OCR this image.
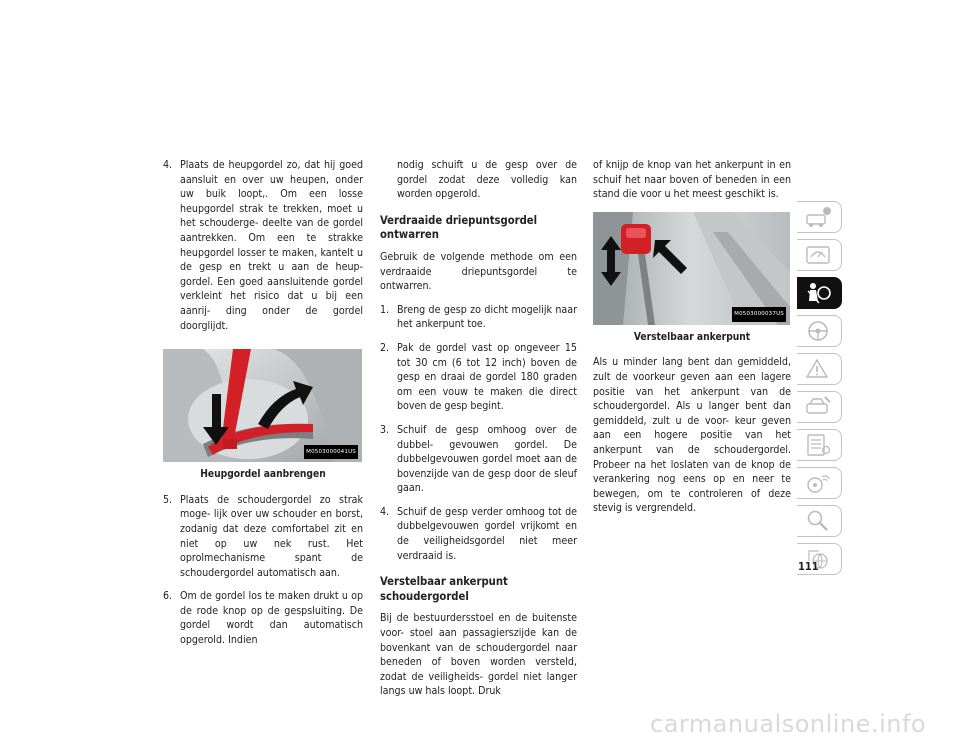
4. Plaats de heupgordel zo, dat hij goed aansluit en over uw heupen, onder uw buik loopt,. Om een losse heupgordel strak te trekken, moet u het schouderge- deelte van de gordel aantrekken. Om een te strakke heupgordel losser te maken, kantelt u de gesp en trekt u aan de heup- gordel. Een goed aansluitende gordel verkleint het risico dat u bij een aanrij- ding onder de gordel doorglijdt.
M0503000041US
Heupgordel aanbrengen
5. Plaats de schoudergordel zo strak moge- lijk over uw schouder en borst, zodanig dat deze comfortabel zit en niet op uw nek rust. Het oprolmechanisme spant de schoudergordel automatisch aan.
6. Om de gordel los te maken drukt u op de rode knop op de gespsluiting. De gordel wordt dan automatisch opgerold. Indien
nodig schuift u de gesp over de gordel zodat deze volledig kan worden opgerold.
Verdraaide driepuntsgordel ontwarren

Gebruik de volgende methode om een verdraaide driepuntsgordel te ontwarren.

1. Breng de gesp zo dicht mogelijk naar het ankerpunt toe.
2. Pak de gordel vast op ongeveer 15 tot 30 cm (6 tot 12 inch) boven de gesp en draai de gordel 180 graden om een vouw te maken die direct boven de gesp begint.
3. Schuif de gesp omhoog over de dubbel- gevouwen gordel. De dubbelgevouwen gordel moet aan de bovenzijde van de gesp door de sleuf gaan.
4. Schuif de gesp verder omhoog tot de dubbelgevouwen gordel vrijkomt en de veiligheidsgordel niet meer verdraaid is.
Verstelbaar ankerpunt schoudergordel

Bij de bestuurdersstoel en de buitenste voor- stoel aan passagierszijde kan de bovenkant van de schoudergordel naar beneden of boven worden versteld, zodat de veiligheids- gordel niet langer langs uw hals loopt. Druk

of knijp de knop van het ankerpunt in en schuif het naar boven of beneden in een stand die voor u het meest geschikt is.

M0503000037US
Verstelbaar ankerpunt

Als u minder lang bent dan gemiddeld, zult de voorkeur geven aan een lagere positie van het ankerpunt van de schoudergordel. Als u langer bent dan gemiddeld, zult u de voor- keur geven aan een hogere positie van het ankerpunt van de schoudergordel. Probeer na het loslaten van de knop de verankering nog eens op en neer te bewegen, om te controleren of deze stevig is vergrendeld.

111
carmanualsonline.info
